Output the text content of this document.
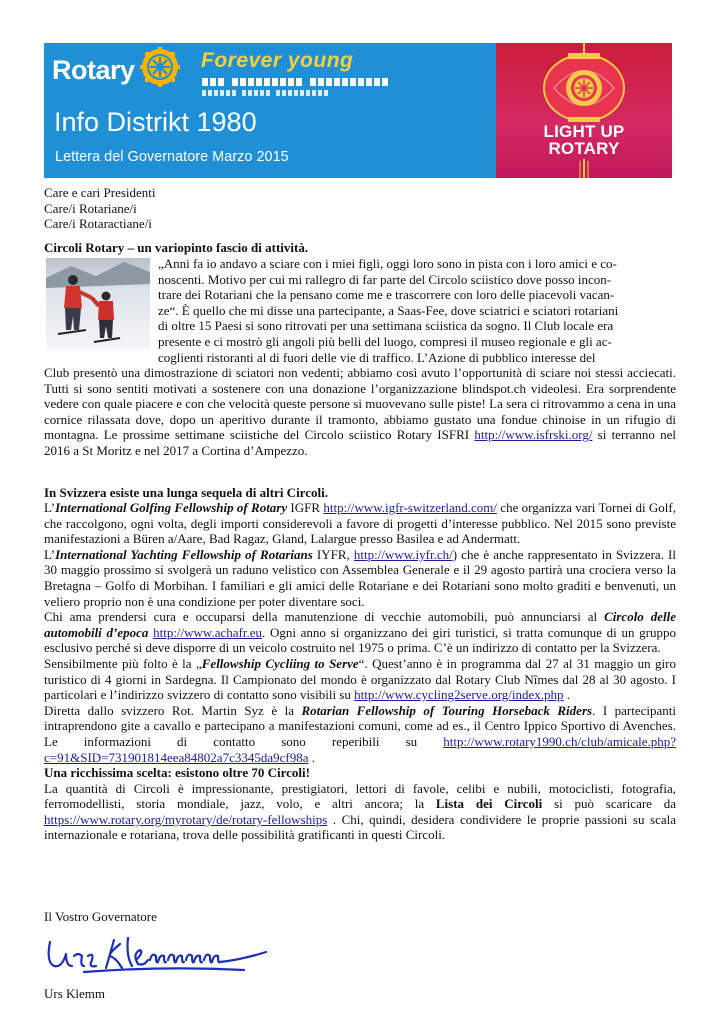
Rotary	Forever young
Info Distrikt 1980
Lettera del Governatore Marzo 2015
LIGHT UP
ROTARY
Care e cari Presidenti
Care/i Rotariane/i
Care/i Rotaractiane/i
Circoli Rotary – un variopinto fascio di attività.
„Anni fa io andavo a sciare con i miei figli, oggi loro sono in pista con i loro amici e co-
noscenti. Motivo per cui mi rallegro di far parte del Circolo sciistico dove posso incon-
trare dei Rotariani che la pensano come me e trascorrere con loro delle piacevoli vacan-
ze“. È quello che mi disse una partecipante, a Saas-Fee, dove sciatrici e sciatori rotariani
di oltre 15 Paesi si sono ritrovati per una settimana sciistica da sogno. Il Club locale era
presente e ci mostrò gli angoli più belli del luogo, compresi il museo regionale e gli ac-
coglienti ristoranti al di fuori delle vie di traffico. L’Azione di pubblico interesse del
Club presentò una dimostrazione di sciatori non vedenti; abbiamo così avuto l’opportunità di sciare noi stessi acciecati. Tutti si sono sentiti motivati a sostenere con una donazione l’organizzazione blindspot.ch videolesi. Era sorprendente vedere con quale piacere e con che velocità queste persone si muovevano sulle piste! La sera ci ritrovammo a cena in una cornice rilassata dove, dopo un aperitivo durante il tramonto, abbiamo gustato una fondue chinoise in un rifugio di montagna. Le prossime settimane sciistiche del Circolo sciistico Rotary ISFRI http://www.isfrski.org/ si terranno nel 2016 a St Moritz e nel 2017 a Cortina d’Ampezzo.
In Svizzera esiste una lunga sequela di altri Circoli.
L’International Golfing Fellowship of Rotary IGFR http://www.igfr-switzerland.com/ che organizza vari Tornei di Golf, che raccolgono, ogni volta, degli importi considerevoli a favore di progetti d’interesse pubblico. Nel 2015 sono previste manifestazioni a Büren a/Aare, Bad Ragaz, Gland, Lalargue presso Basilea e ad Andermatt.
L’International Yachting Fellowship of Rotarians IYFR, http://www.iyfr.ch/) che è anche rappresentato in Svizzera. Il 30 maggio prossimo si svolgerà un raduno velistico con Assemblea Generale e il 29 agosto partirà una crociera verso la Bretagna – Golfo di Morbihan. I familiari e gli amici delle Rotariane e dei Rotariani sono molto graditi e benvenuti, un veliero proprio non è una condizione per poter diventare soci.
Chi ama prendersi cura e occuparsi della manutenzione di vecchie automobili, può annunciarsi al Circolo delle automobili d’epoca http://www.achafr.eu. Ogni anno si organizzano dei giri turistici, si tratta comunque di un gruppo esclusivo perché si deve disporre di un veicolo costruito nel 1975 o prima. C’è un indirizzo di contatto per la Svizzera.
Sensibilmente più folto è la „Fellowship Cycliing to Serve“. Quest’anno è in programma dal 27 al 31 maggio un giro turistico di 4 giorni in Sardegna. Il Campionato del mondo è organizzato dal Rotary Club Nîmes dal 28 al 30 agosto. I particolari e l’indirizzo svizzero di contatto sono visibili su http://www.cycling2serve.org/index.php .
Diretta dallo svizzero Rot. Martin Syz è la Rotarian Fellowship of Touring Horseback Riders. I partecipanti intraprendono gite a cavallo e partecipano a manifestazioni comuni, come ad es., il Centro Ippico Sportivo di Avenches. Le informazioni di contatto sono reperibili su http://www.rotary1990.ch/club/amicale.php?c=91&SID=731901814eea84802a7c3345da9cf98a .
Una ricchissima scelta: esistono oltre 70 Circoli!
La quantità di Circoli è impressionante, prestigiatori, lettori di favole, celibi e nubili, motociclisti, fotografia, ferromodellisti, storia mondiale, jazz, volo, e altri ancora; la Lista dei Circoli si può scaricare da https://www.rotary.org/myrotary/de/rotary-fellowships . Chi, quindi, desidera condividere le proprie passioni su scala internazionale e rotariana, trova delle possibilità gratificanti in questi Circoli.
Il Vostro Governatore
Urs Klemm
